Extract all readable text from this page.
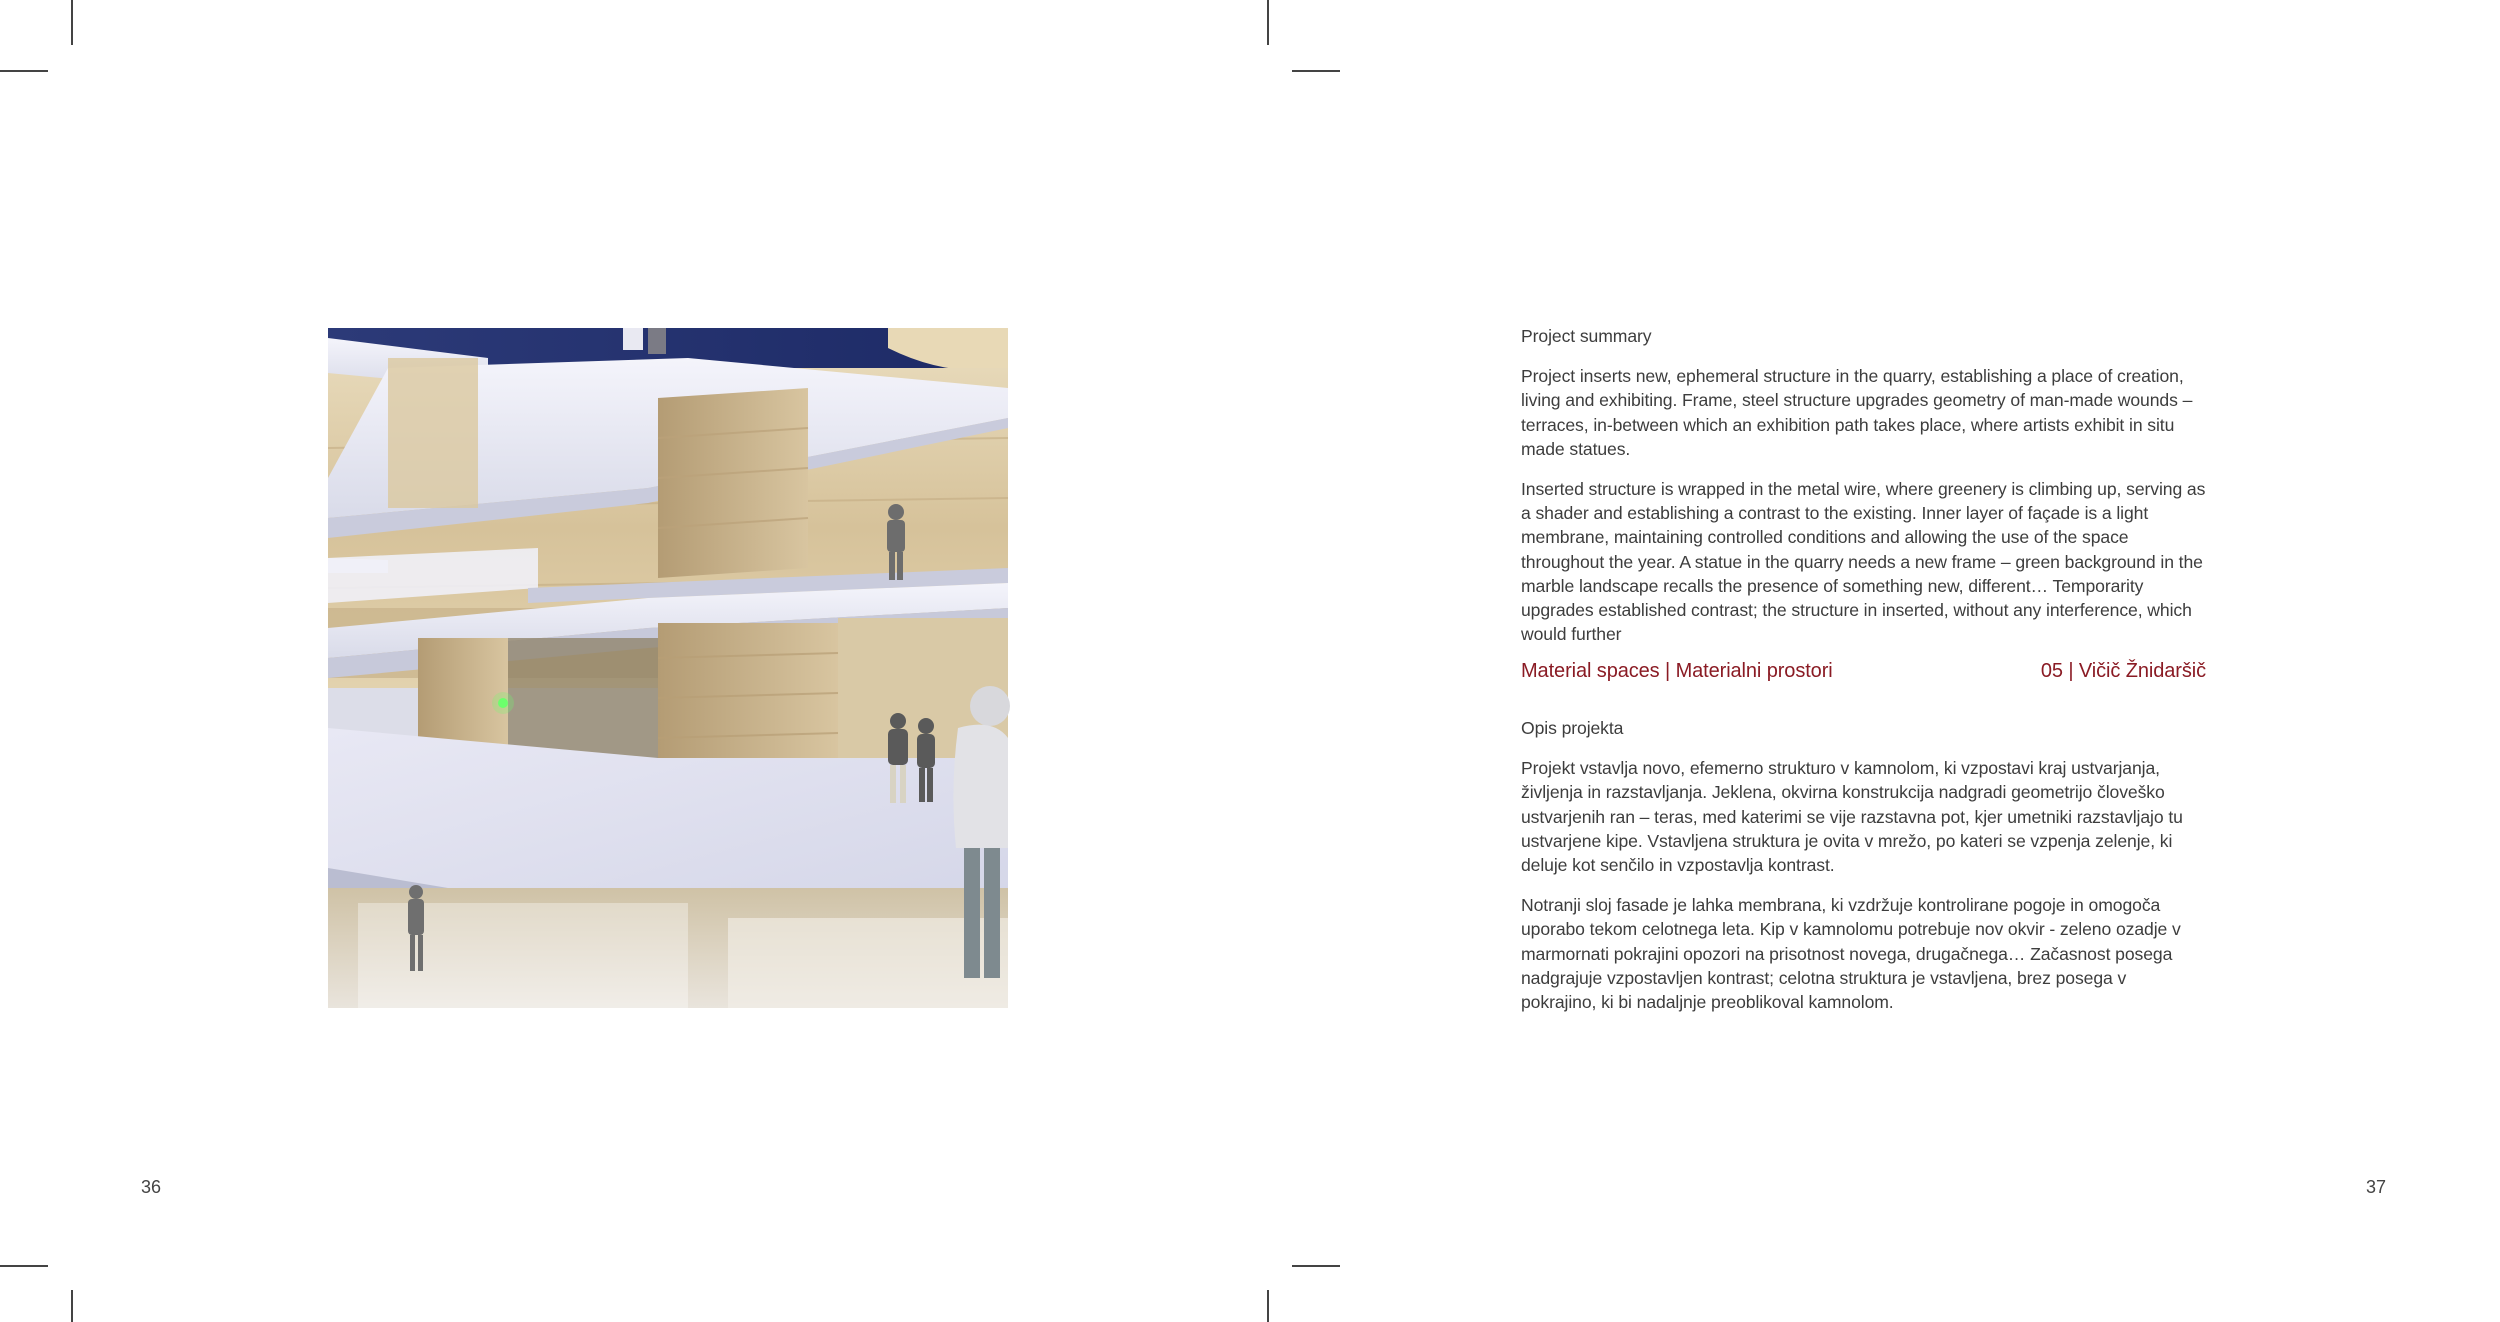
Project summary

Project inserts new, ephemeral structure in the quarry, establishing a place of creation, living and exhibiting. Frame, steel structure upgrades geometry of man-made wounds – terraces, in-between which an exhibition path takes place, where artists exhibit in situ made statues.

Inserted structure is wrapped in the metal wire, where greenery is climbing up, serving as a shader and establishing a contrast to the existing. Inner layer of façade is a light membrane, maintaining controlled conditions and allowing the use of the space throughout the year. A statue in the quarry needs a new frame – green background in the marble landscape recalls the presence of something new, different… Temporarity upgrades established contrast; the structure in inserted, without any interference, which would further

Material spaces | Materialni prostori	05 | Vičič Žnidaršič

Opis projekta

Projekt vstavlja novo, efemerno strukturo v kamnolom, ki vzpostavi kraj ustvarjanja, življenja in razstavljanja. Jeklena, okvirna konstrukcija nadgradi geometrijo človeško ustvarjenih ran – teras, med katerimi se vije razstavna pot, kjer umetniki razstavljajo tu ustvarjene kipe. Vstavljena struktura je ovita v mrežo, po kateri se vzpenja zelenje, ki deluje kot senčilo in vzpostavlja kontrast.

Notranji sloj fasade je lahka membrana, ki vzdržuje kontrolirane pogoje in omogoča uporabo tekom celotnega leta. Kip v kamnolomu potrebuje nov okvir - zeleno ozadje v marmornati pokrajini opozori na prisotnost novega, drugačnega… Začasnost posega nadgrajuje vzpostavljen kontrast; celotna struktura je vstavljena, brez posega v pokrajino, ki bi nadaljnje preoblikoval kamnolom.

36	37
